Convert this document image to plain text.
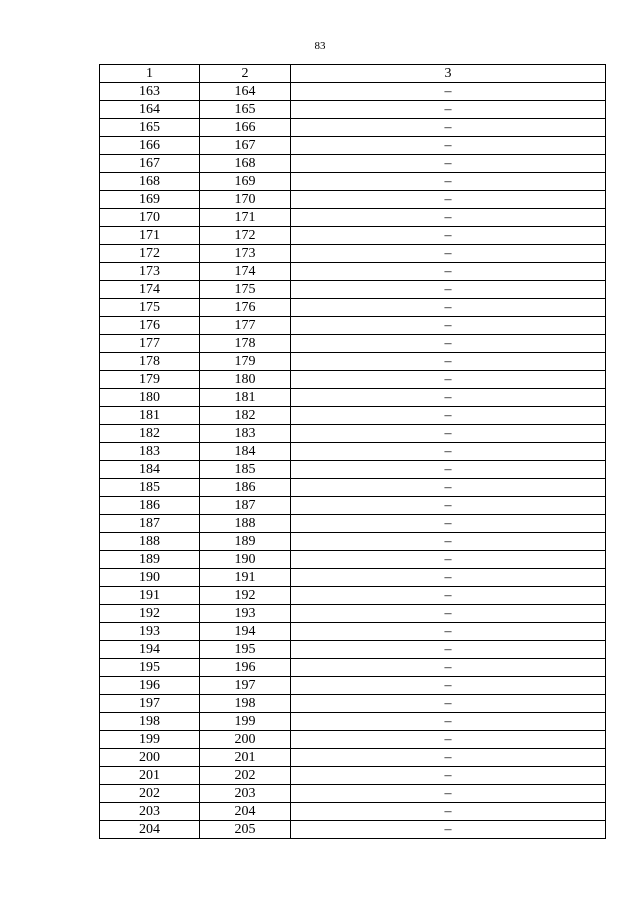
83
1	2	3
163	164	–
164	165	–
165	166	–
166	167	–
167	168	–
168	169	–
169	170	–
170	171	–
171	172	–
172	173	–
173	174	–
174	175	–
175	176	–
176	177	–
177	178	–
178	179	–
179	180	–
180	181	–
181	182	–
182	183	–
183	184	–
184	185	–
185	186	–
186	187	–
187	188	–
188	189	–
189	190	–
190	191	–
191	192	–
192	193	–
193	194	–
194	195	–
195	196	–
196	197	–
197	198	–
198	199	–
199	200	–
200	201	–
201	202	–
202	203	–
203	204	–
204	205	–
